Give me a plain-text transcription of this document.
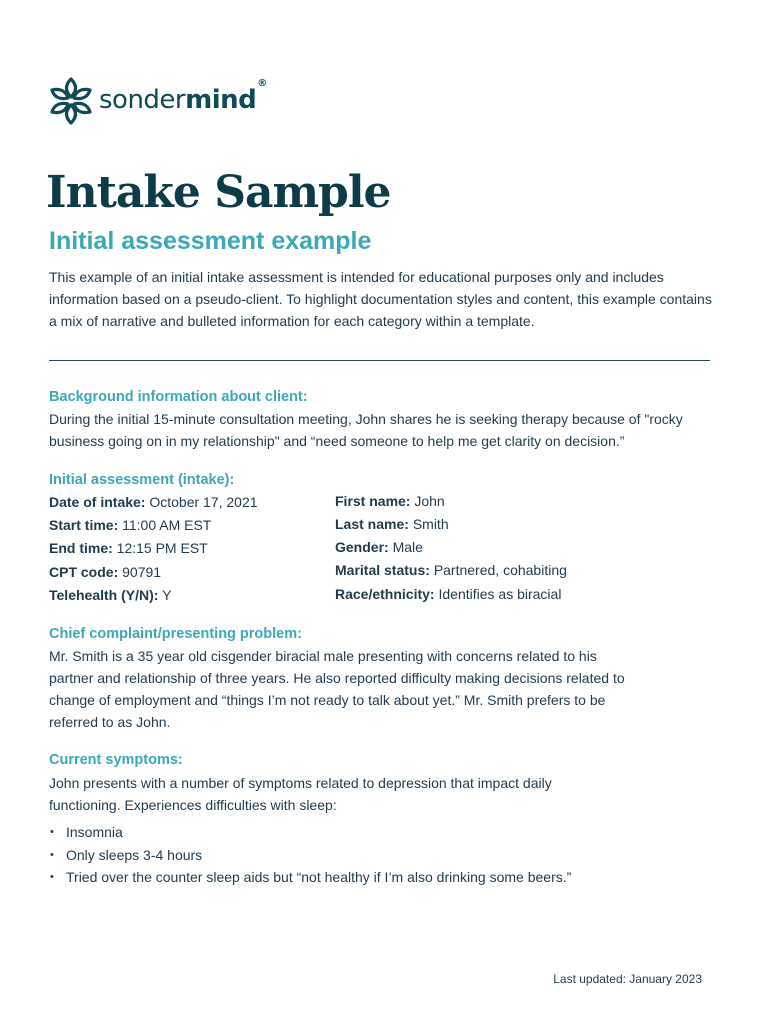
sondermind®
Intake Sample
Initial assessment example

This example of an initial intake assessment is intended for educational purposes only and includes information based on a pseudo-client. To highlight documentation styles and content, this example contains a mix of narrative and bulleted information for each category within a template.

Background information about client:

During the initial 15-minute consultation meeting, John shares he is seeking therapy because of "rocky business going on in my relationship" and “need someone to help me get clarity on decision.”

Initial assessment (intake):
Date of intake: October 17, 2021
Start time: 11:00 AM EST
End time: 12:15 PM EST
CPT code: 90791
Telehealth (Y/N): Y
First name: John
Last name: Smith
Gender: Male
Marital status: Partnered, cohabiting
Race/ethnicity: Identifies as biracial
Chief complaint/presenting problem:

Mr. Smith is a 35 year old cisgender biracial male presenting with concerns related to his partner and relationship of three years. He also reported difficulty making decisions related to change of employment and “things I’m not ready to talk about yet.” Mr. Smith prefers to be referred to as John.

Current symptoms:

John presents with a number of symptoms related to depression that impact daily functioning. Experiences difficulties with sleep:

• Insomnia
• Only sleeps 3-4 hours
• Tried over the counter sleep aids but “not healthy if I’m also drinking some beers.”
Last updated: January 2023
